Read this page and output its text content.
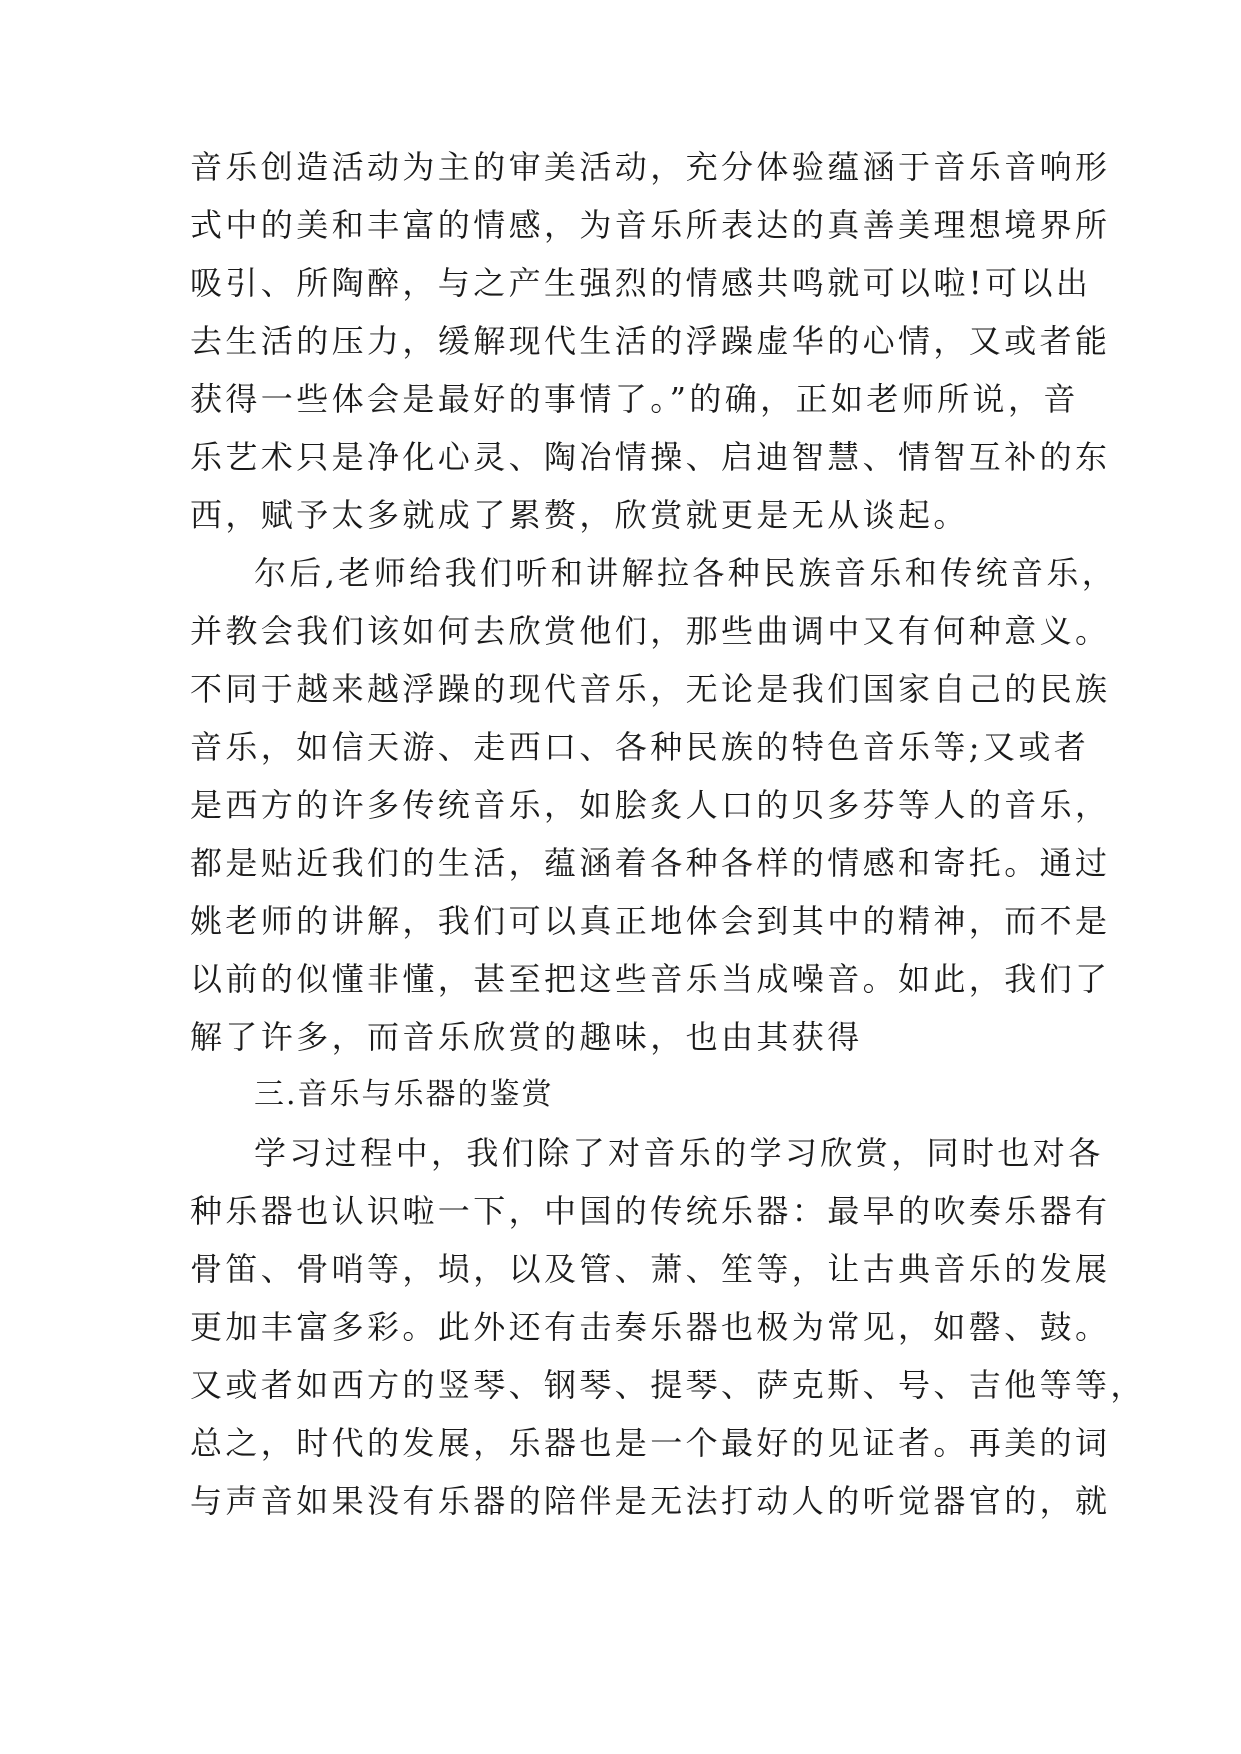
音乐创造活动为主的审美活动，充分体验蕴涵于音乐音响形
式中的美和丰富的情感，为音乐所表达的真善美理想境界所
吸引、所陶醉，与之产生强烈的情感共鸣就可以啦!可以出
去生活的压力，缓解现代生活的浮躁虚华的心情，又或者能
获得一些体会是最好的事情了。”的确，正如老师所说，音
乐艺术只是净化心灵、陶冶情操、启迪智慧、情智互补的东
西，赋予太多就成了累赘，欣赏就更是无从谈起。
尔后,老师给我们听和讲解拉各种民族音乐和传统音乐，
并教会我们该如何去欣赏他们，那些曲调中又有何种意义。
不同于越来越浮躁的现代音乐，无论是我们国家自己的民族
音乐，如信天游、走西口、各种民族的特色音乐等;又或者
是西方的许多传统音乐，如脍炙人口的贝多芬等人的音乐，
都是贴近我们的生活，蕴涵着各种各样的情感和寄托。通过
姚老师的讲解，我们可以真正地体会到其中的精神，而不是
以前的似懂非懂，甚至把这些音乐当成噪音。如此，我们了
解了许多，而音乐欣赏的趣味，也由其获得
三.音乐与乐器的鉴赏
学习过程中，我们除了对音乐的学习欣赏，同时也对各
种乐器也认识啦一下，中国的传统乐器：最早的吹奏乐器有
骨笛、骨哨等，埙，以及管、萧、笙等，让古典音乐的发展
更加丰富多彩。此外还有击奏乐器也极为常见，如罄、鼓。
又或者如西方的竖琴、钢琴、提琴、萨克斯、号、吉他等等，
总之，时代的发展，乐器也是一个最好的见证者。再美的词
与声音如果没有乐器的陪伴是无法打动人的听觉器官的，就
